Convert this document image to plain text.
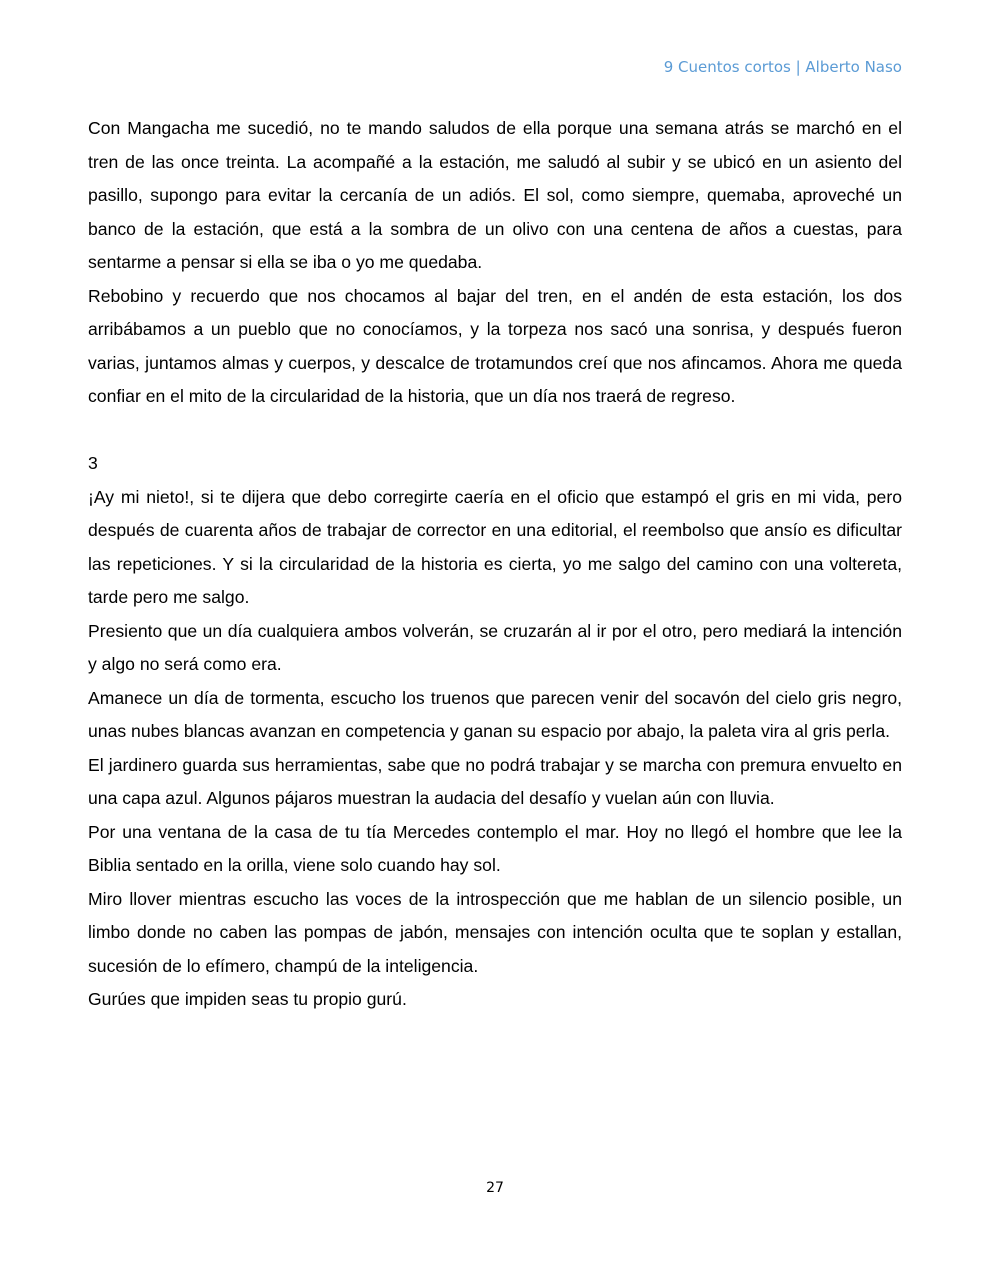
9 Cuentos cortos | Alberto Naso

Con Mangacha me sucedió, no te mando saludos de ella porque una semana atrás se marchó en el tren de las once treinta. La acompañé a la estación, me saludó al subir y se ubicó en un asiento del pasillo, supongo para evitar la cercanía de un adiós. El sol, como siempre, quemaba, aproveché un banco de la estación, que está a la sombra de un olivo con una centena de años a cuestas, para sentarme a pensar si ella se iba o yo me quedaba.

Rebobino y recuerdo que nos chocamos al bajar del tren, en el andén de esta estación, los dos arribábamos a un pueblo que no conocíamos, y la torpeza nos sacó una sonrisa, y después fueron varias, juntamos almas y cuerpos, y descalce de trotamundos creí que nos afincamos. Ahora me queda confiar en el mito de la circularidad de la historia, que un día nos traerá de regreso.

3

¡Ay mi nieto!, si te dijera que debo corregirte caería en el oficio que estampó el gris en mi vida, pero después de cuarenta años de trabajar de corrector en una editorial, el reembolso que ansío es dificultar las repeticiones. Y si la circularidad de la historia es cierta, yo me salgo del camino con una voltereta, tarde pero me salgo.

Presiento que un día cualquiera ambos volverán, se cruzarán al ir por el otro, pero mediará la intención y algo no será como era.

Amanece un día de tormenta, escucho los truenos que parecen venir del socavón del cielo gris negro, unas nubes blancas avanzan en competencia y ganan su espacio por abajo, la paleta vira al gris perla.

El jardinero guarda sus herramientas, sabe que no podrá trabajar y se marcha con premura envuelto en una capa azul. Algunos pájaros muestran la audacia del desafío y vuelan aún con lluvia.

Por una ventana de la casa de tu tía Mercedes contemplo el mar. Hoy no llegó el hombre que lee la Biblia sentado en la orilla, viene solo cuando hay sol.

Miro llover mientras escucho las voces de la introspección que me hablan de un silencio posible, un limbo donde no caben las pompas de jabón, mensajes con intención oculta que te soplan y estallan, sucesión de lo efímero, champú de la inteligencia.

Gurúes que impiden seas tu propio gurú.

27
